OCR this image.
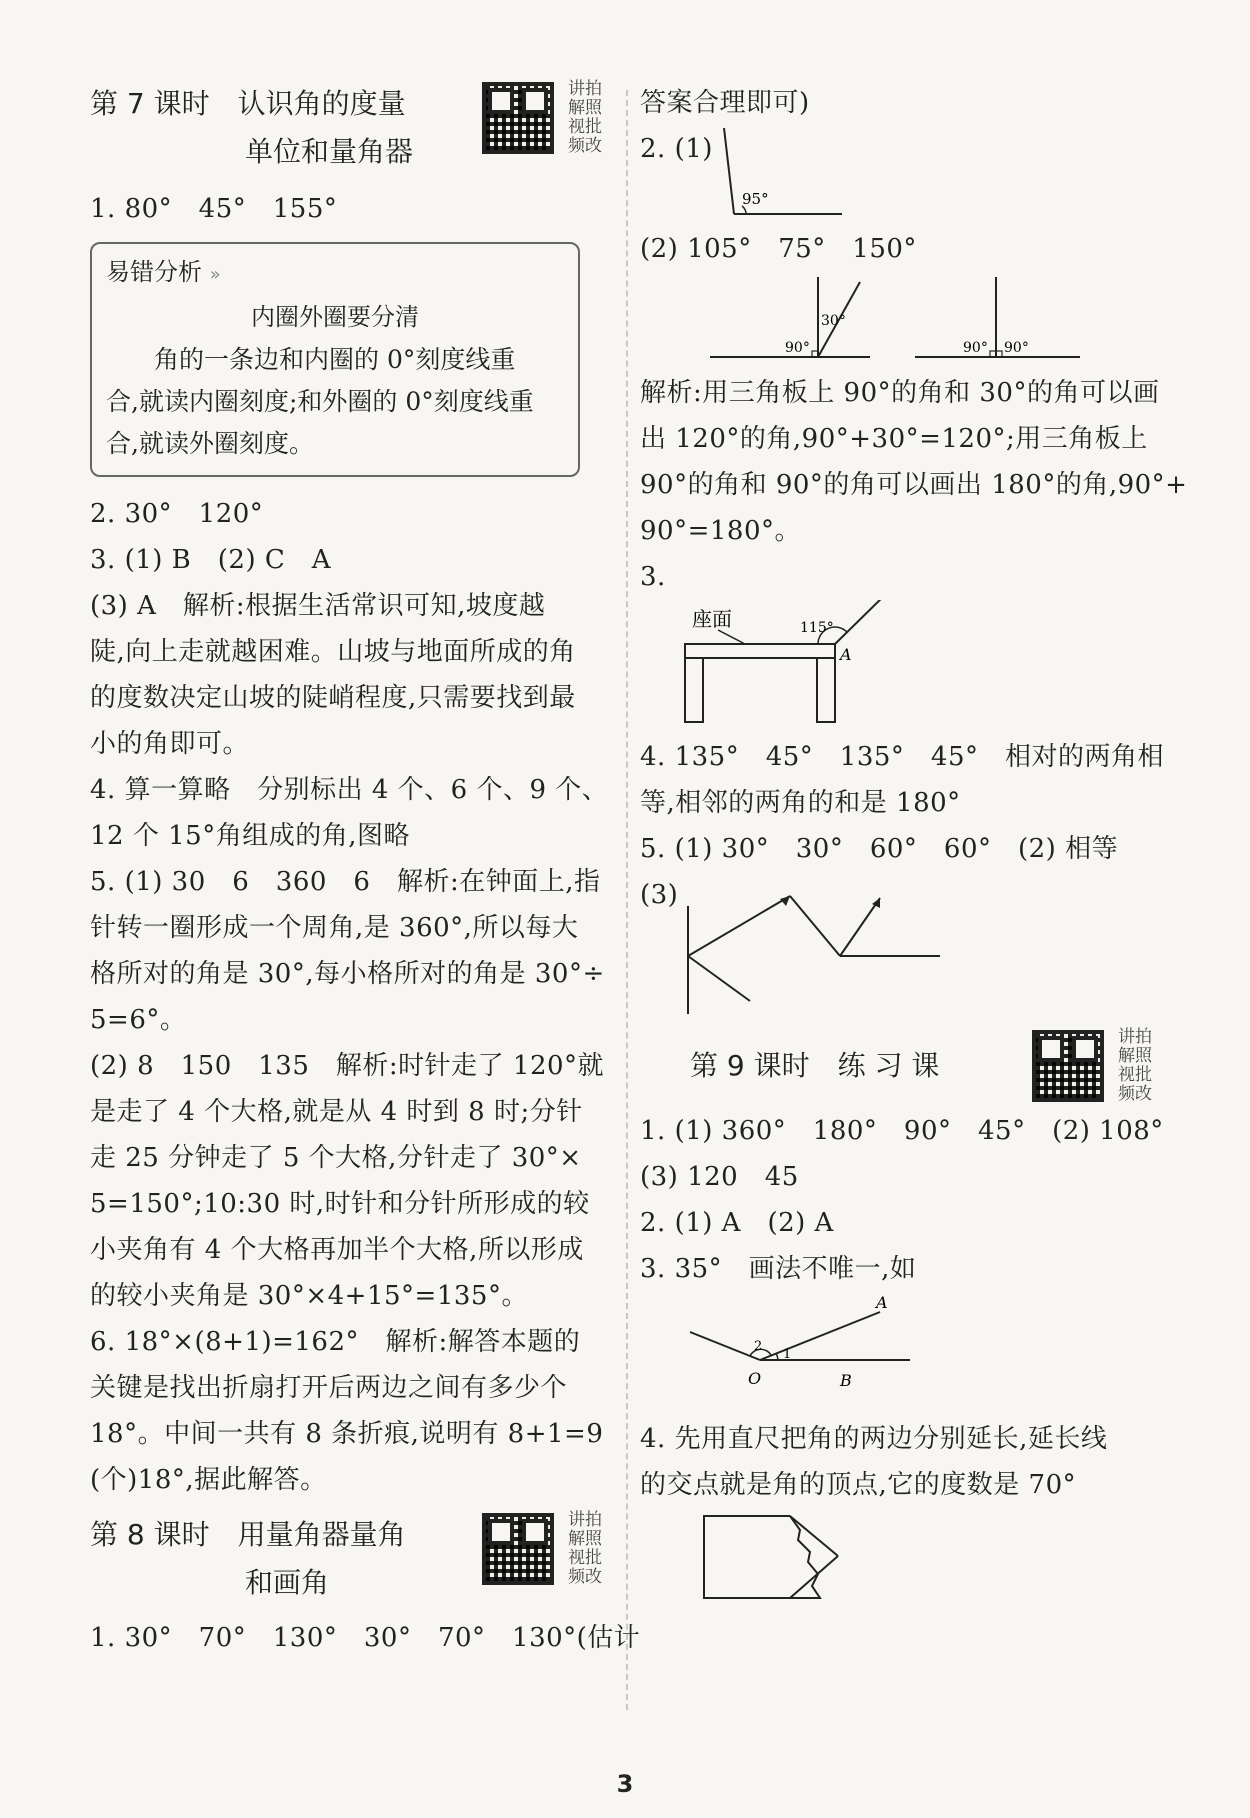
第 7 课时　认识角的度量
单位和量角器
讲拍
解照
视批
频改
1. 80°　45°　155°
易错分析 »
内圈外圈要分清
角的一条边和内圈的 0°刻度线重
合,就读内圈刻度;和外圈的 0°刻度线重
合,就读外圈刻度。
2. 30°　120°
3. (1) B　(2) C　A
(3) A　解析:根据生活常识可知,坡度越
陡,向上走就越困难。山坡与地面所成的角
的度数决定山坡的陡峭程度,只需要找到最
小的角即可。
4. 算一算略　分别标出 4 个、6 个、9 个、
12 个 15°角组成的角,图略
5. (1) 30　6　360　6　解析:在钟面上,指
针转一圈形成一个周角,是 360°,所以每大
格所对的角是 30°,每小格所对的角是 30°÷
5=6°。
(2) 8　150　135　解析:时针走了 120°就
是走了 4 个大格,就是从 4 时到 8 时;分针
走 25 分钟走了 5 个大格,分针走了 30°×
5=150°;10:30 时,时针和分针所形成的较
小夹角有 4 个大格再加半个大格,所以形成
的较小夹角是 30°×4+15°=135°。
6. 18°×(8+1)=162°　解析:解答本题的
关键是找出折扇打开后两边之间有多少个
18°。中间一共有 8 条折痕,说明有 8+1=9
(个)18°,据此解答。
第 8 课时　用量角器量角
和画角
讲拍
解照
视批
频改
1. 30°　70°　130°　30°　70°　130°(估计
答案合理即可)
2. (1)
95°
(2) 105°　75°　150°
30°
90°	90° 90°
解析:用三角板上 90°的角和 30°的角可以画
出 120°的角,90°+30°=120°;用三角板上
90°的角和 90°的角可以画出 180°的角,90°+
90°=180°。
3.
115°
A
座面
4. 135°　45°　135°　45°　相对的两角相
等,相邻的两角的和是 180°
5. (1) 30°　30°　60°　60°　(2) 相等
(3)
第 9 课时　练 习 课
讲拍
解照
视批
频改
1. (1) 360°　180°　90°　45°　(2) 108°
(3) 120　45
2. (1) A　(2) A
3. 35°　画法不唯一,如
A
O	B
1
2
4. 先用直尺把角的两边分别延长,延长线
的交点就是角的顶点,它的度数是 70°
3
